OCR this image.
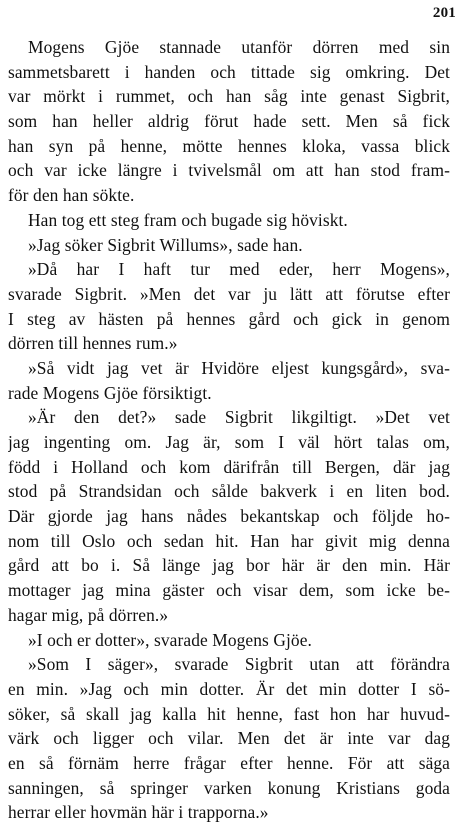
201
Mogens Gjöe stannade utanför dörren med sin
sammetsbarett i handen och tittade sig omkring. Det
var mörkt i rummet, och han såg inte genast Sigbrit,
som han heller aldrig förut hade sett. Men så fick
han syn på henne, mötte hennes kloka, vassa blick
och var icke längre i tvivelsmål om att han stod fram-
för den han sökte.
Han tog ett steg fram och bugade sig höviskt.
»Jag söker Sigbrit Willums», sade han.
»Då har I haft tur med eder, herr Mogens»,
svarade Sigbrit. »Men det var ju lätt att förutse efter
I steg av hästen på hennes gård och gick in genom
dörren till hennes rum.»
»Så vidt jag vet är Hvidöre eljest kungsgård», sva-
rade Mogens Gjöe försiktigt.
»Är den det?» sade Sigbrit likgiltigt. »Det vet
jag ingenting om. Jag är, som I väl hört talas om,
född i Holland och kom därifrån till Bergen, där jag
stod på Strandsidan och sålde bakverk i en liten bod.
Där gjorde jag hans nådes bekantskap och följde ho-
nom till Oslo och sedan hit. Han har givit mig denna
gård att bo i. Så länge jag bor här är den min. Här
mottager jag mina gäster och visar dem, som icke be-
hagar mig, på dörren.»
»I och er dotter», svarade Mogens Gjöe.
»Som I säger», svarade Sigbrit utan att förändra
en min. »Jag och min dotter. Är det min dotter I sö-
söker, så skall jag kalla hit henne, fast hon har huvud-
värk och ligger och vilar. Men det är inte var dag
en så förnäm herre frågar efter henne. För att säga
sanningen, så springer varken konung Kristians goda
herrar eller hovmän här i trapporna.»
